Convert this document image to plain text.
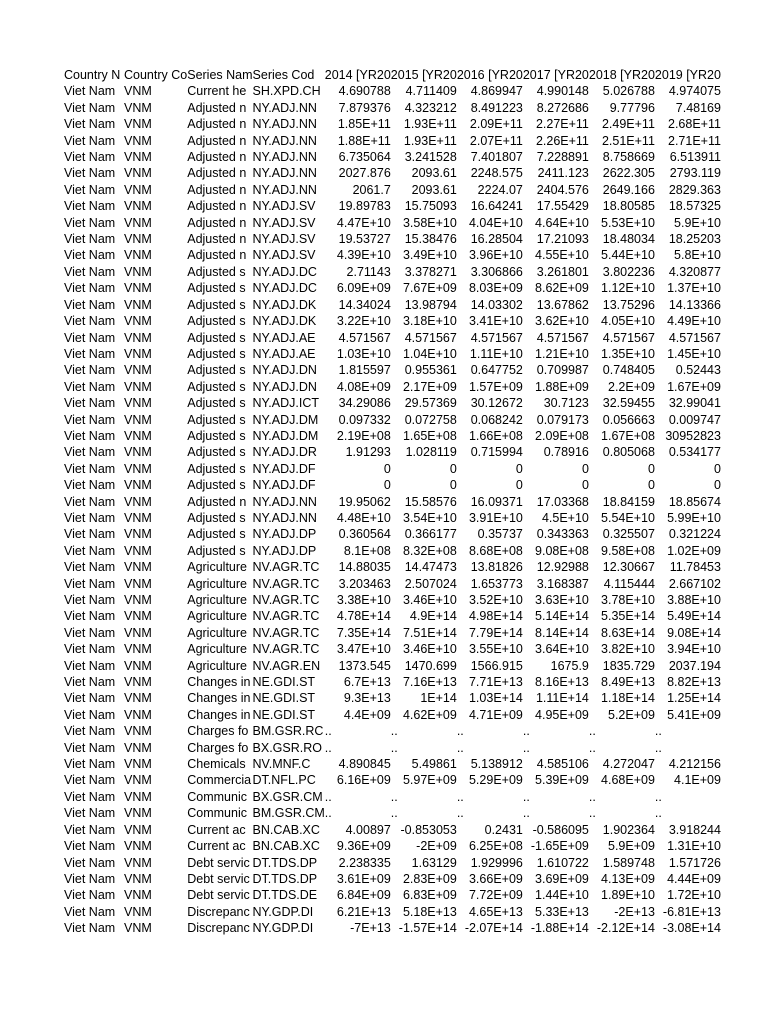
Country N	Country Co	Series Nam	Series Cod	2014 [YR20	2015 [YR20	2016 [YR20	2017 [YR20	2018 [YR20	2019 [YR20
Viet Nam	VNM	Current he	SH.XPD.CH	4.690788	4.711409	4.869947	4.990148	5.026788	4.974075
Viet Nam	VNM	Adjusted n	NY.ADJ.NN	7.879376	4.323212	8.491223	8.272686	9.77796	7.48169
Viet Nam	VNM	Adjusted n	NY.ADJ.NN	1.85E+11	1.93E+11	2.09E+11	2.27E+11	2.49E+11	2.68E+11
Viet Nam	VNM	Adjusted n	NY.ADJ.NN	1.88E+11	1.93E+11	2.07E+11	2.26E+11	2.51E+11	2.71E+11
Viet Nam	VNM	Adjusted n	NY.ADJ.NN	6.735064	3.241528	7.401807	7.228891	8.758669	6.513911
Viet Nam	VNM	Adjusted n	NY.ADJ.NN	2027.876	2093.61	2248.575	2411.123	2622.305	2793.119
Viet Nam	VNM	Adjusted n	NY.ADJ.NN	2061.7	2093.61	2224.07	2404.576	2649.166	2829.363
Viet Nam	VNM	Adjusted n	NY.ADJ.SV	19.89783	15.75093	16.64241	17.55429	18.80585	18.57325
Viet Nam	VNM	Adjusted n	NY.ADJ.SV	4.47E+10	3.58E+10	4.04E+10	4.64E+10	5.53E+10	5.9E+10
Viet Nam	VNM	Adjusted n	NY.ADJ.SV	19.53727	15.38476	16.28504	17.21093	18.48034	18.25203
Viet Nam	VNM	Adjusted n	NY.ADJ.SV	4.39E+10	3.49E+10	3.96E+10	4.55E+10	5.44E+10	5.8E+10
Viet Nam	VNM	Adjusted s	NY.ADJ.DC	2.71143	3.378271	3.306866	3.261801	3.802236	4.320877
Viet Nam	VNM	Adjusted s	NY.ADJ.DC	6.09E+09	7.67E+09	8.03E+09	8.62E+09	1.12E+10	1.37E+10
Viet Nam	VNM	Adjusted s	NY.ADJ.DK	14.34024	13.98794	14.03302	13.67862	13.75296	14.13366
Viet Nam	VNM	Adjusted s	NY.ADJ.DK	3.22E+10	3.18E+10	3.41E+10	3.62E+10	4.05E+10	4.49E+10
Viet Nam	VNM	Adjusted s	NY.ADJ.AE	4.571567	4.571567	4.571567	4.571567	4.571567	4.571567
Viet Nam	VNM	Adjusted s	NY.ADJ.AE	1.03E+10	1.04E+10	1.11E+10	1.21E+10	1.35E+10	1.45E+10
Viet Nam	VNM	Adjusted s	NY.ADJ.DN	1.815597	0.955361	0.647752	0.709987	0.748405	0.52443
Viet Nam	VNM	Adjusted s	NY.ADJ.DN	4.08E+09	2.17E+09	1.57E+09	1.88E+09	2.2E+09	1.67E+09
Viet Nam	VNM	Adjusted s	NY.ADJ.ICT	34.29086	29.57369	30.12672	30.7123	32.59455	32.99041
Viet Nam	VNM	Adjusted s	NY.ADJ.DM	0.097332	0.072758	0.068242	0.079173	0.056663	0.009747
Viet Nam	VNM	Adjusted s	NY.ADJ.DM	2.19E+08	1.65E+08	1.66E+08	2.09E+08	1.67E+08	30952823
Viet Nam	VNM	Adjusted s	NY.ADJ.DR	1.91293	1.028119	0.715994	0.78916	0.805068	0.534177
Viet Nam	VNM	Adjusted s	NY.ADJ.DF	0	0	0	0	0	0
Viet Nam	VNM	Adjusted s	NY.ADJ.DF	0	0	0	0	0	0
Viet Nam	VNM	Adjusted n	NY.ADJ.NN	19.95062	15.58576	16.09371	17.03368	18.84159	18.85674
Viet Nam	VNM	Adjusted s	NY.ADJ.NN	4.48E+10	3.54E+10	3.91E+10	4.5E+10	5.54E+10	5.99E+10
Viet Nam	VNM	Adjusted s	NY.ADJ.DP	0.360564	0.366177	0.35737	0.343363	0.325507	0.321224
Viet Nam	VNM	Adjusted s	NY.ADJ.DP	8.1E+08	8.32E+08	8.68E+08	9.08E+08	9.58E+08	1.02E+09
Viet Nam	VNM	Agriculture	NV.AGR.TC	14.88035	14.47473	13.81826	12.92988	12.30667	11.78453
Viet Nam	VNM	Agriculture	NV.AGR.TC	3.203463	2.507024	1.653773	3.168387	4.115444	2.667102
Viet Nam	VNM	Agriculture	NV.AGR.TC	3.38E+10	3.46E+10	3.52E+10	3.63E+10	3.78E+10	3.88E+10
Viet Nam	VNM	Agriculture	NV.AGR.TC	4.78E+14	4.9E+14	4.98E+14	5.14E+14	5.35E+14	5.49E+14
Viet Nam	VNM	Agriculture	NV.AGR.TC	7.35E+14	7.51E+14	7.79E+14	8.14E+14	8.63E+14	9.08E+14
Viet Nam	VNM	Agriculture	NV.AGR.TC	3.47E+10	3.46E+10	3.55E+10	3.64E+10	3.82E+10	3.94E+10
Viet Nam	VNM	Agriculture	NV.AGR.EN	1373.545	1470.699	1566.915	1675.9	1835.729	2037.194
Viet Nam	VNM	Changes in	NE.GDI.ST	6.7E+13	7.16E+13	7.71E+13	8.16E+13	8.49E+13	8.82E+13
Viet Nam	VNM	Changes in	NE.GDI.ST	9.3E+13	1E+14	1.03E+14	1.11E+14	1.18E+14	1.25E+14
Viet Nam	VNM	Changes in	NE.GDI.ST	4.4E+09	4.62E+09	4.71E+09	4.95E+09	5.2E+09	5.41E+09
Viet Nam	VNM	Charges fo	BM.GSR.RC	..	..	..	..	..	..
Viet Nam	VNM	Charges fo	BX.GSR.RO	..	..	..	..	..	..
Viet Nam	VNM	Chemicals	NV.MNF.C	4.890845	5.49861	5.138912	4.585106	4.272047	4.212156
Viet Nam	VNM	Commercia	DT.NFL.PC	6.16E+09	5.97E+09	5.29E+09	5.39E+09	4.68E+09	4.1E+09
Viet Nam	VNM	Communic	BX.GSR.CM	..	..	..	..	..	..
Viet Nam	VNM	Communic	BM.GSR.CM	..	..	..	..	..	..
Viet Nam	VNM	Current ac	BN.CAB.XC	4.00897	-0.853053	0.2431	-0.586095	1.902364	3.918244
Viet Nam	VNM	Current ac	BN.CAB.XC	9.36E+09	-2E+09	6.25E+08	-1.65E+09	5.9E+09	1.31E+10
Viet Nam	VNM	Debt servic	DT.TDS.DP	2.238335	1.63129	1.929996	1.610722	1.589748	1.571726
Viet Nam	VNM	Debt servic	DT.TDS.DP	3.61E+09	2.83E+09	3.66E+09	3.69E+09	4.13E+09	4.44E+09
Viet Nam	VNM	Debt servic	DT.TDS.DE	6.84E+09	6.83E+09	7.72E+09	1.44E+10	1.89E+10	1.72E+10
Viet Nam	VNM	Discrepanc	NY.GDP.DI	6.21E+13	5.18E+13	4.65E+13	5.33E+13	-2E+13	-6.81E+13
Viet Nam	VNM	Discrepanc	NY.GDP.DI	-7E+13	-1.57E+14	-2.07E+14	-1.88E+14	-2.12E+14	-3.08E+14
